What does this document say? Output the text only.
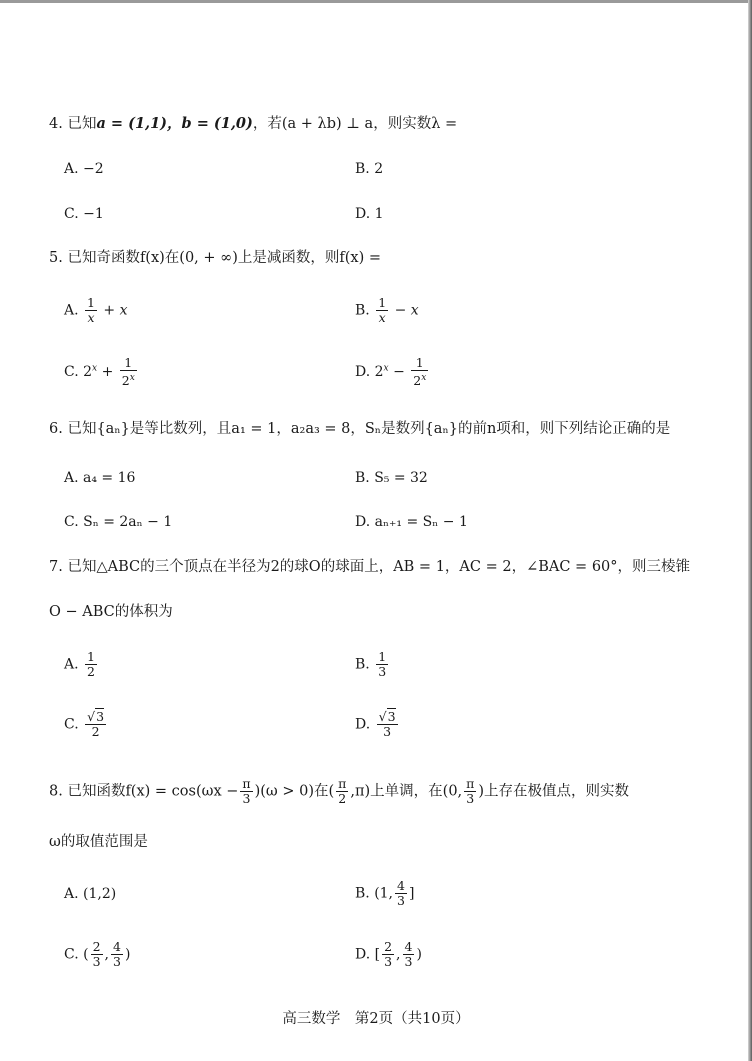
4. 已知a = (1,1)，b = (1,0)，若(a + λb) ⊥ a，则实数λ =
A. −2	B. 2
C. −1	D. 1
5. 已知奇函数f(x)在(0, + ∞)上是减函数，则f(x) =
A. $\frac{1}{x} + x$	B. $\frac{1}{x} - x$
C. $2^x + \frac{1}{2^x}$	D. $2^x - \frac{1}{2^x}$
6. 已知{aₙ}是等比数列，且a₁ = 1，a₂a₃ = 8，Sₙ是数列{aₙ}的前n项和，则下列结论正确的是
A. a₄ = 16	B. S₅ = 32
C. Sₙ = 2aₙ − 1	D. aₙ₊₁ = Sₙ − 1
7. 已知△ABC的三个顶点在半径为2的球O的球面上，AB = 1，AC = 2，∠BAC = 60°，则三棱锥
O − ABC的体积为
A. $\frac{1}{2}$	B. $\frac{1}{3}$
C. $\frac{√3}{2}$	D. $\frac{√3}{3}$
8. 已知函数$f(x) = \cos(\omega x - \frac{\pi}{3} )(\omega > 0)$在( $\frac{\pi}{2} ,\pi$)上单调，在(0, $\frac{\pi}{3}$ )上存在极值点，则实数
ω的取值范围是
A. (1,2)	B. (1, $\frac{4}{3}$ ]
C. ( $\frac{2}{3}$ , $\frac{4}{3}$ )	D. [ $\frac{2}{3}$ , $\frac{4}{3}$ )
高三数学　第2页（共10页）
